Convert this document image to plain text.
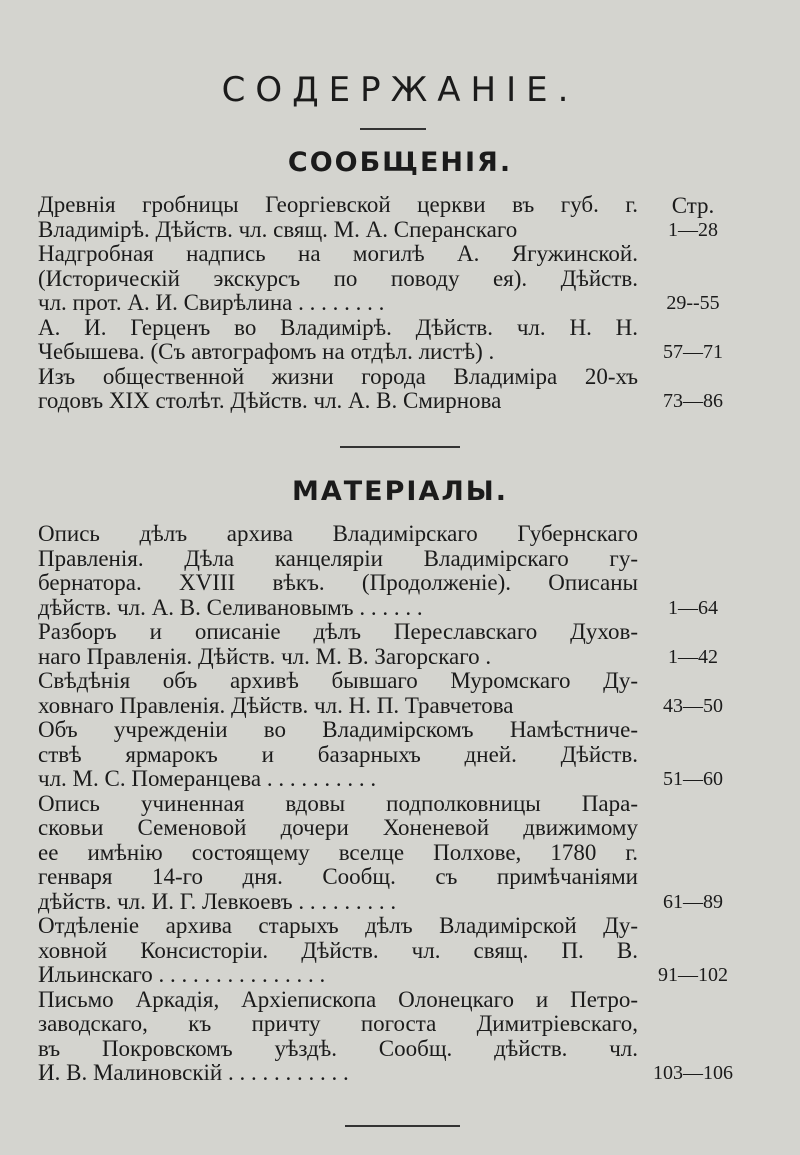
СОДЕРЖАНІЕ.
СООБЩЕНІЯ.
Стр.
Древнія гробницы Георгіевской церкви въ губ. г.
Владимірѣ. Дѣйств. чл. свящ. М. А. Сперанскаго	1—28
Надгробная надпись на могилѣ А. Ягужинской.
(Историческій экскурсъ по поводу ея). Дѣйств.
чл. прот. А. И. Свирѣлина . . . . . . . .	29--55
А. И. Герценъ во Владимірѣ. Дѣйств. чл. Н. Н.
Чебышева. (Съ автографомъ на отдѣл. листѣ) .	57—71
Изъ общественной жизни города Владиміра 20-хъ
годовъ XIX столѣт. Дѣйств. чл. А. В. Смирнова	73—86
МАТЕРІАЛЫ.
Опись дѣлъ архива Владимірскаго Губернскаго
Правленія. Дѣла канцеляріи Владимірскаго гу-
бернатора. XVIII вѣкъ. (Продолженіе). Описаны
дѣйств. чл. А. В. Селивановымъ . . . . . .	1—64
Разборъ и описаніе дѣлъ Переславскаго Духов-
наго Правленія. Дѣйств. чл. М. В. Загорскаго .	1—42
Свѣдѣнія объ архивѣ бывшаго Муромскаго Ду-
ховнаго Правленія. Дѣйств. чл. Н. П. Травчетова	43—50
Объ учрежденіи во Владимірскомъ Намѣстниче-
ствѣ ярмарокъ и базарныхъ дней. Дѣйств.
чл. М. С. Померанцева . . . . . . . . . .	51—60
Опись учиненная вдовы подполковницы Пара-
сковьи Семеновой дочери Хоненевой движимому
ее имѣнію состоящему вселце Полхове, 1780 г.
генваря 14-го дня. Сообщ. съ примѣчаніями
дѣйств. чл. И. Г. Левкоевъ . . . . . . . . .	61—89
Отдѣленіе архива старыхъ дѣлъ Владимірской Ду-
ховной Консисторіи. Дѣйств. чл. свящ. П. В.
Ильинскаго . . . . . . . . . . . . . . .	91—102
Письмо Аркадія, Архіепископа Олонецкаго и Петро-
заводскаго, къ причту погоста Димитріевскаго,
въ Покровскомъ уѣздѣ. Сообщ. дѣйств. чл.
И. В. Малиновскій . . . . . . . . . . .	103—106
